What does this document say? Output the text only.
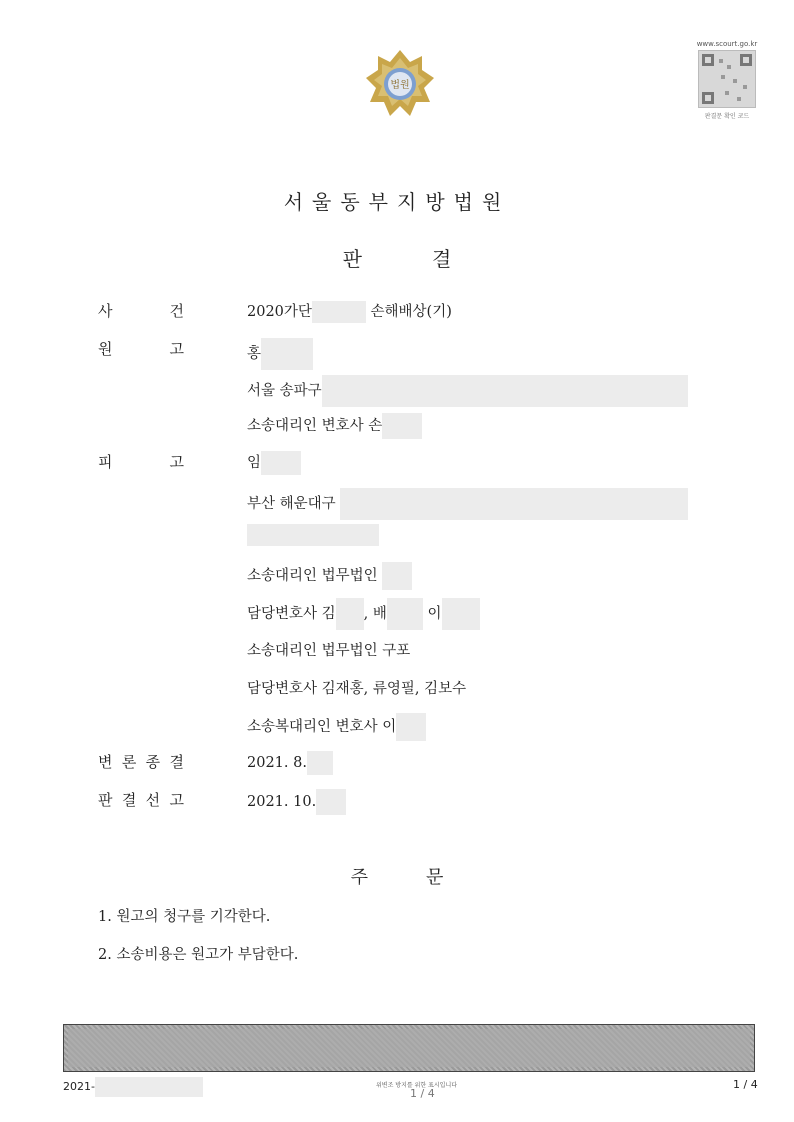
법원
www.scourt.go.kr
판결문 확인 코드
서울동부지방법원
판	결
사	건	2020가단	손해배상(기)
원	고	홍
서울 송파구
소송대리인 변호사 손
피	고	임
부산 해운대구
소송대리인 법무법인
담당변호사 김 , 배 이
소송대리인 법무법인 구포
담당변호사 김재홍, 류영필, 김보수
소송복대리인 변호사 이
변 론 종 결	2021. 8.
판 결 선 고	2021. 10.
주	문
1. 원고의 청구를 기각한다.
2. 소송비용은 원고가 부담한다.
2021-	위변조 방지를 위한 표시입니다
1 / 4
1 / 4
